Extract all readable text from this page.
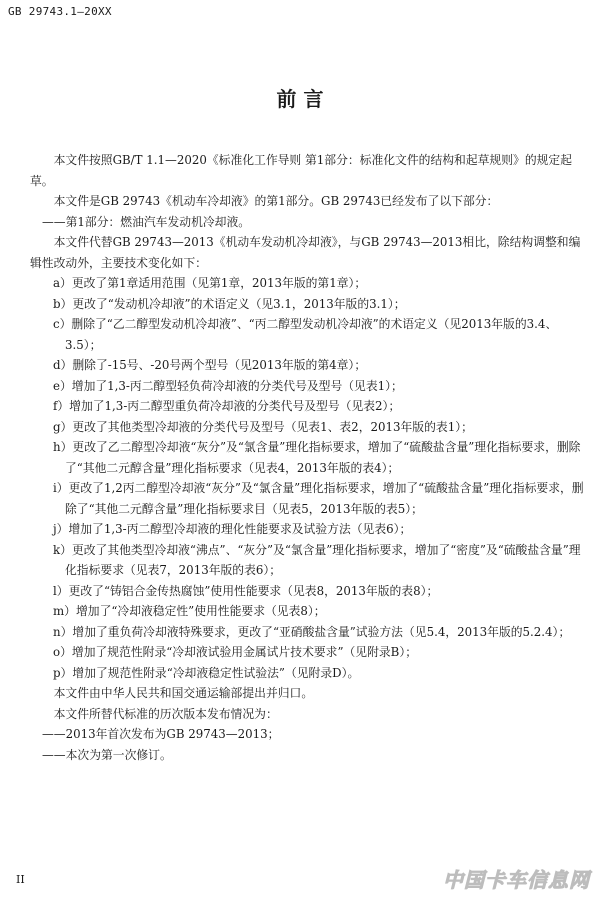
GB 29743.1—20XX
前 言

本文件按照GB/T 1.1—2020《标准化工作导则 第1部分：标准化文件的结构和起草规则》的规定起草。

本文件是GB 29743《机动车冷却液》的第1部分。GB 29743已经发布了以下部分：

——第1部分：燃油汽车发动机冷却液。

本文件代替GB 29743—2013《机动车发动机冷却液》，与GB 29743—2013相比，除结构调整和编辑性改动外，主要技术变化如下：

a）更改了第1章适用范围（见第1章，2013年版的第1章）；

b）更改了“发动机冷却液”的术语定义（见3.1，2013年版的3.1）；

c）删除了“乙二醇型发动机冷却液”、“丙二醇型发动机冷却液”的术语定义（见2013年版的3.4、3.5）；

d）删除了-15号、-20号两个型号（见2013年版的第4章）；

e）增加了1,3-丙二醇型轻负荷冷却液的分类代号及型号（见表1）；

f）增加了1,3-丙二醇型重负荷冷却液的分类代号及型号（见表2）；

g）更改了其他类型冷却液的分类代号及型号（见表1、表2，2013年版的表1）；

h）更改了乙二醇型冷却液“灰分”及“氯含量”理化指标要求，增加了“硫酸盐含量”理化指标要求，删除了“其他二元醇含量”理化指标要求（见表4，2013年版的表4）；

i）更改了1,2丙二醇型冷却液“灰分”及“氯含量”理化指标要求，增加了“硫酸盐含量”理化指标要求，删除了“其他二元醇含量”理化指标要求目（见表5，2013年版的表5）；

j）增加了1,3-丙二醇型冷却液的理化性能要求及试验方法（见表6）；

k）更改了其他类型冷却液“沸点”、“灰分”及“氯含量”理化指标要求，增加了“密度”及“硫酸盐含量”理化指标要求（见表7，2013年版的表6）；

l）更改了“铸铝合金传热腐蚀”使用性能要求（见表8，2013年版的表8）；

m）增加了“冷却液稳定性”使用性能要求（见表8）；

n）增加了重负荷冷却液特殊要求，更改了“亚硝酸盐含量”试验方法（见5.4，2013年版的5.2.4）；

o）增加了规范性附录“冷却液试验用金属试片技术要求”（见附录B）；

p）增加了规范性附录“冷却液稳定性试验法”（见附录D）。

本文件由中华人民共和国交通运输部提出并归口。

本文件所替代标准的历次版本发布情况为：

——2013年首次发布为GB 29743—2013；

——本次为第一次修订。

II	中国卡车信息网
